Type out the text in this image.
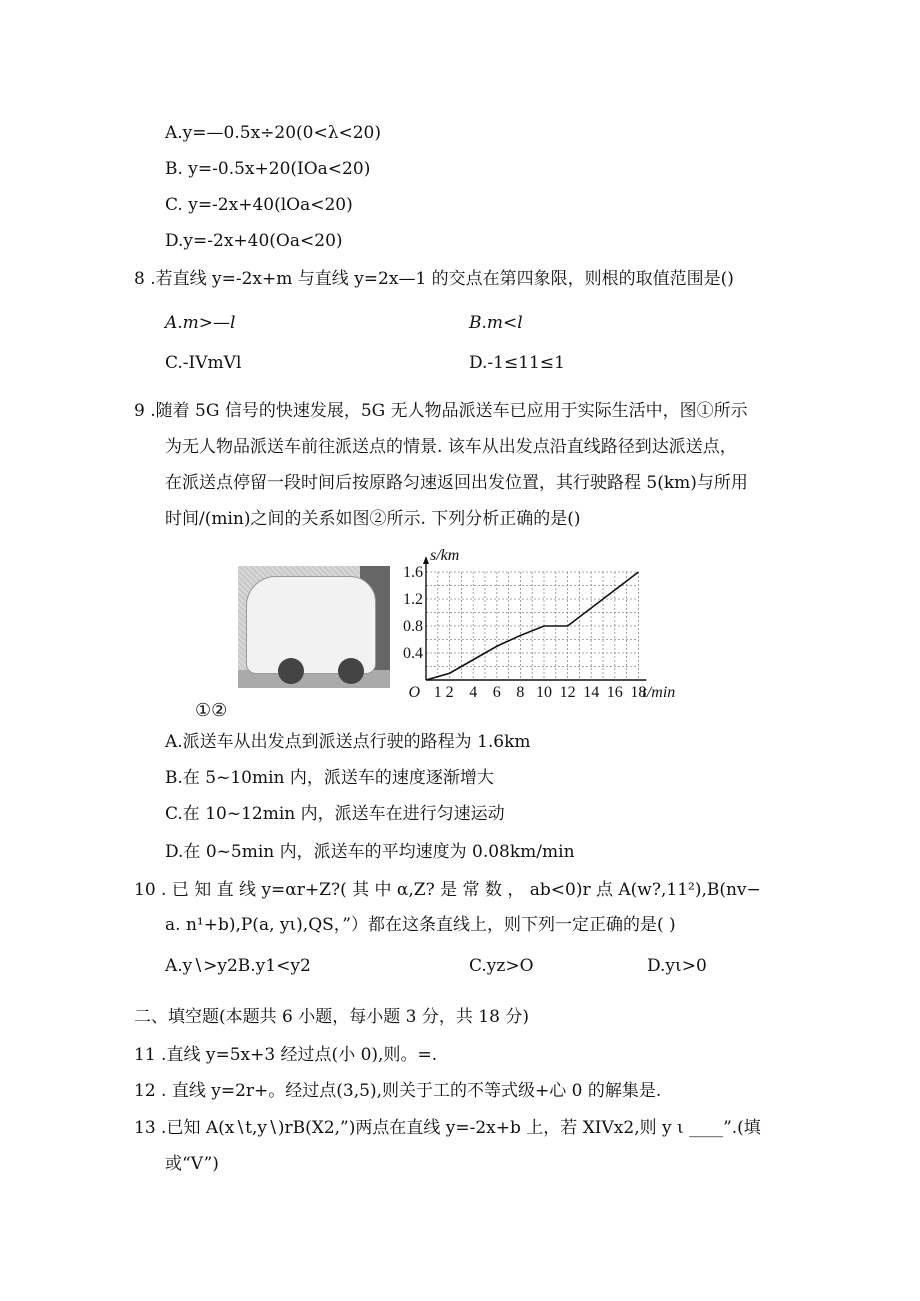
A.y=—0.5x÷20(0<λ<20)
B. y=-0.5x+20(IOa<20)
C. y=-2x+40(lOa<20)
D.y=-2x+40(Oa<20)
8 .若直线 y=-2x+m 与直线 y=2x—1 的交点在第四象限，则根的取值范围是()
A.m>—l	B.m<l
C.-IVmVl	D.-1≤11≤1
9 .随着 5G 信号的快速发展，5G 无人物品派送车已应用于实际生活中，图①所示
为无人物品派送车前往派送点的情景. 该车从出发点沿直线路径到达派送点，
在派送点停留一段时间后按原路匀速返回出发位置，其行驶路程 5(km)与所用
时间/(min)之间的关系如图②所示. 下列分析正确的是()
1.6
1.2
0.8
0.4
1 2 4 6 8 10 12 14 16 18
O
s/km
t/min
①②
A.派送车从出发点到派送点行驶的路程为 1.6km
B.在 5~10min 内，派送车的速度逐渐增大
C.在 10~12min 内，派送车在进行匀速运动
D.在 0~5min 内，派送车的平均速度为 0.08km/min
10 . 已 知 直 线 y=αr+Z?( 其 中 α,Z? 是 常 数 ， ab<0)r 点 A(w?,11²),B(nv−
a. n¹+b),P(a, yι),QS，”）都在这条直线上，则下列一定正确的是( )
A.y∖>y2B.y1<y2	C.yz>O	D.yι>0
二、填空题(本题共 6 小题，每小题 3 分，共 18 分)
11 .直线 y=5x+3 经过点(小 0),则。=.
12 . 直线 y=2r+。经过点(3,5),则关于工的不等式级+心 0 的解集是.
13 .已知 A(x∖t,y∖)rB(X2,”)两点在直线 y=-2x+b 上，若 XIVx2,则 y ι ____”.(填
或“V”)
